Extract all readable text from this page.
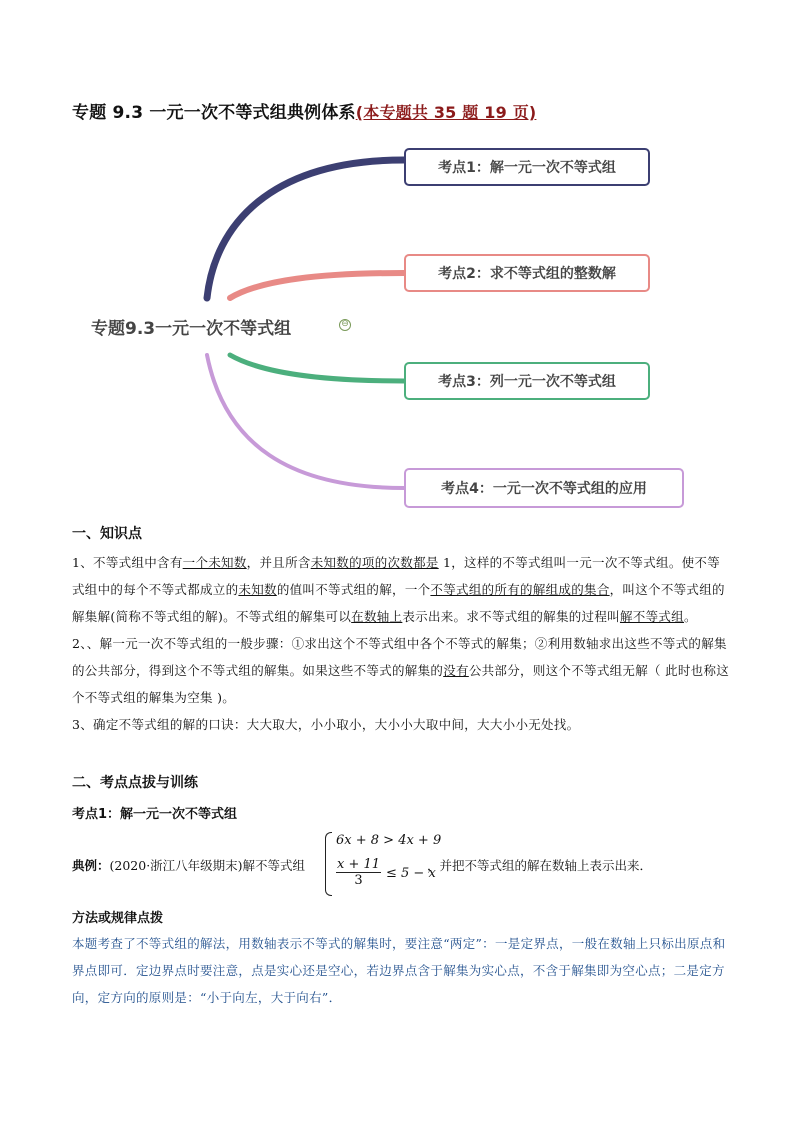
专题 9.3 一元一次不等式组典例体系(本专题共 35 题 19 页)
专题9.3一元一次不等式组	⊖
考点1：解一元一次不等式组
考点2：求不等式组的整数解
考点3：列一元一次不等式组
考点4：一元一次不等式组的应用
一、知识点

1、不等式组中含有一个未知数，并且所含未知数的项的次数都是 1，这样的不等式组叫一元一次不等式组。使不等式组中的每个不等式都成立的未知数的值叫不等式组的解，一个不等式组的所有的解组成的集合，叫这个不等式组的解集解(简称不等式组的解)。不等式组的解集可以在数轴上表示出来。求不等式组的解集的过程叫解不等式组。

2、、解一元一次不等式组的一般步骤：①求出这个不等式组中各个不等式的解集；②利用数轴求出这些不等式的解集的公共部分，得到这个不等式组的解集。如果这些不等式的解集的没有公共部分，则这个不等式组无解（ 此时也称这个不等式组的解集为空集 )。

3、确定不等式组的解的口诀：大大取大，小小取小，大小小大取中间，大大小小无处找。

二、考点点拔与训练
考点1：解一元一次不等式组
典例：(2020·浙江八年级期末)解不等式组
6x + 8 > 4x + 9
$\frac{x + 11}{3} \le 5 - x$
，并把不等式组的解在数轴上表示出来．
方法或规律点拨
本题考查了不等式组的解法，用数轴表示不等式的解集时，要注意“两定”：一是定界点，一般在数轴上只标出原点和界点即可．定边界点时要注意，点是实心还是空心，若边界点含于解集为实心点，不含于解集即为空心点；二是定方向，定方向的原则是：“小于向左，大于向右”．
